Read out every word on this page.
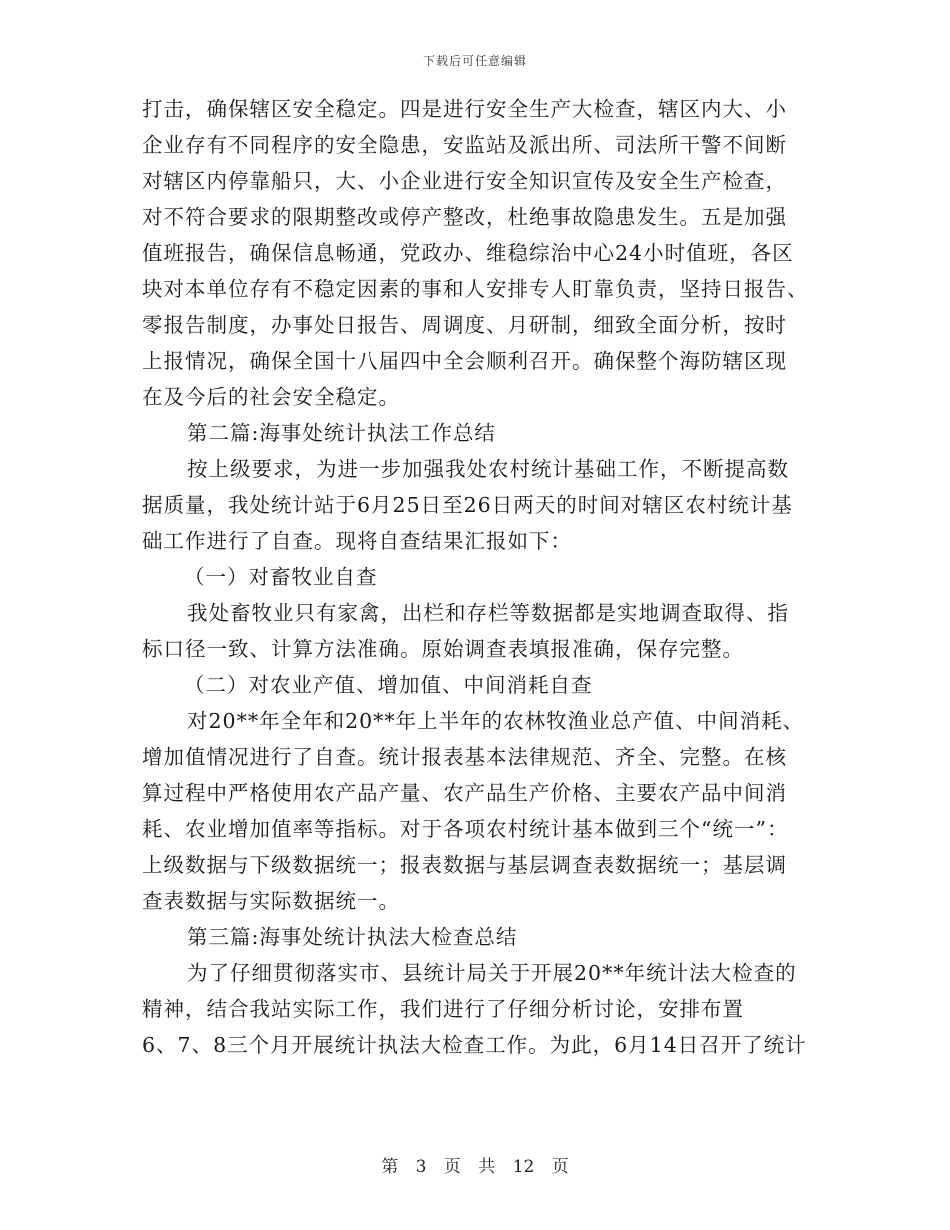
下载后可任意编辑
打击，确保辖区安全稳定。四是进行安全生产大检查，辖区内大、小
企业存有不同程序的安全隐患，安监站及派出所、司法所干警不间断
对辖区内停靠船只，大、小企业进行安全知识宣传及安全生产检查，
对不符合要求的限期整改或停产整改，杜绝事故隐患发生。五是加强
值班报告，确保信息畅通，党政办、维稳综治中心24小时值班，各区
块对本单位存有不稳定因素的事和人安排专人盯靠负责，坚持日报告、
零报告制度，办事处日报告、周调度、月研制，细致全面分析，按时
上报情况，确保全国十八届四中全会顺利召开。确保整个海防辖区现
在及今后的社会安全稳定。
第二篇:海事处统计执法工作总结
按上级要求，为进一步加强我处农村统计基础工作，不断提高数
据质量，我处统计站于6月25日至26日两天的时间对辖区农村统计基
础工作进行了自查。现将自查结果汇报如下：
（一）对畜牧业自查
我处畜牧业只有家禽，出栏和存栏等数据都是实地调查取得、指
标口径一致、计算方法准确。原始调查表填报准确，保存完整。
（二）对农业产值、增加值、中间消耗自查
对20**年全年和20**年上半年的农林牧渔业总产值、中间消耗、
增加值情况进行了自查。统计报表基本法律规范、齐全、完整。在核
算过程中严格使用农产品产量、农产品生产价格、主要农产品中间消
耗、农业增加值率等指标。对于各项农村统计基本做到三个“统一”：
上级数据与下级数据统一；报表数据与基层调查表数据统一；基层调
查表数据与实际数据统一。
第三篇:海事处统计执法大检查总结
为了仔细贯彻落实市、县统计局关于开展20**年统计法大检查的
精神，结合我站实际工作，我们进行了仔细分析讨论，安排布置
6、7、8三个月开展统计执法大检查工作。为此，6月14日召开了统计
第 3 页 共 12 页
